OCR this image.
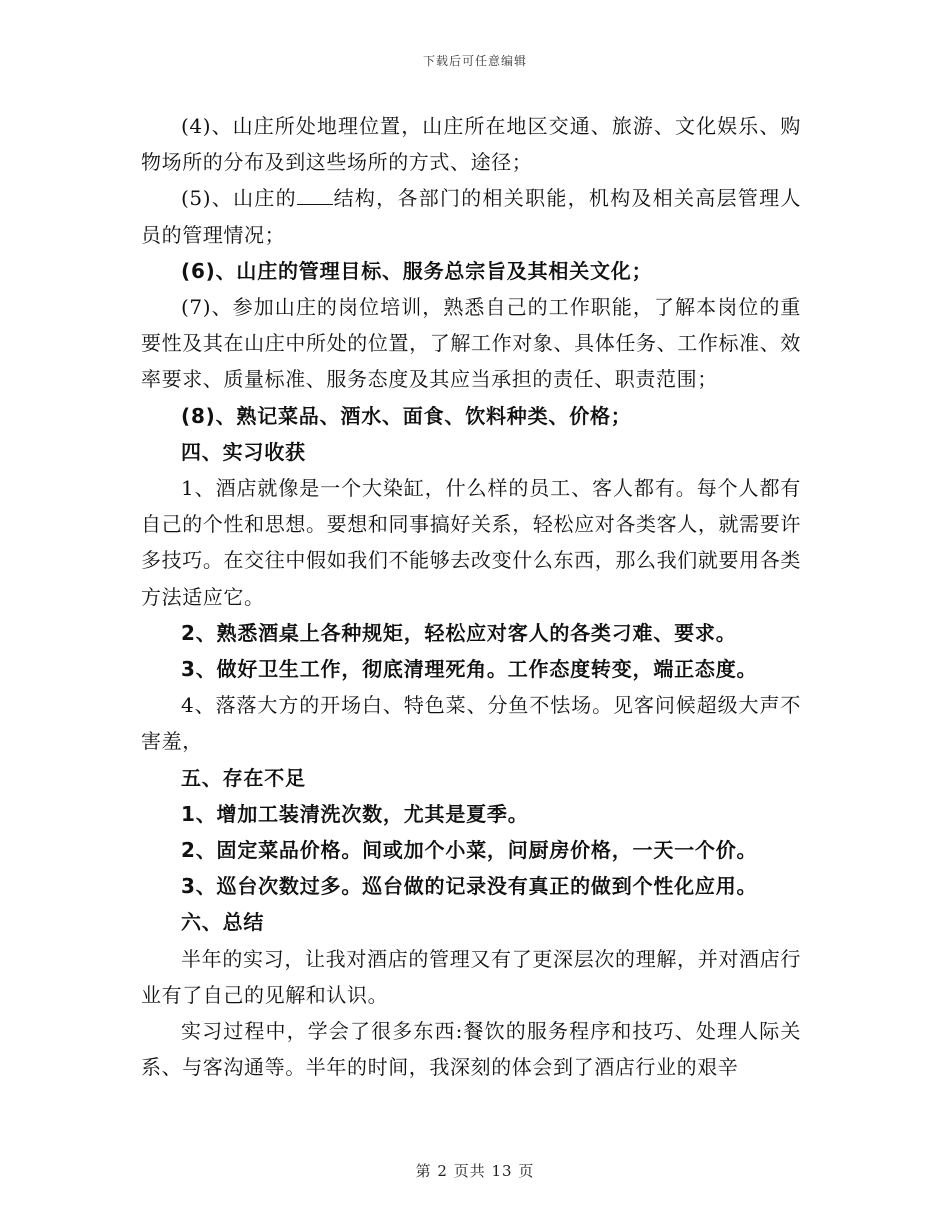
下载后可任意编辑

(4)、山庄所处地理位置，山庄所在地区交通、旅游、文化娱乐、购物场所的分布及到这些场所的方式、途径；

(5)、山庄的 结构，各部门的相关职能，机构及相关高层管理人员的管理情况；

(6)、山庄的管理目标、服务总宗旨及其相关文化；

(7)、参加山庄的岗位培训，熟悉自己的工作职能，了解本岗位的重要性及其在山庄中所处的位置，了解工作对象、具体任务、工作标准、效率要求、质量标准、服务态度及其应当承担的责任、职责范围；

(8)、熟记菜品、酒水、面食、饮料种类、价格；

四、实习收获

1、酒店就像是一个大染缸，什么样的员工、客人都有。每个人都有自己的个性和思想。要想和同事搞好关系，轻松应对各类客人，就需要许多技巧。在交往中假如我们不能够去改变什么东西，那么我们就要用各类方法适应它。

2、熟悉酒桌上各种规矩，轻松应对客人的各类刁难、要求。

3、做好卫生工作，彻底清理死角。工作态度转变，端正态度。

4、落落大方的开场白、特色菜、分鱼不怯场。见客问候超级大声不害羞，

五、存在不足

1、增加工装清洗次数，尤其是夏季。

2、固定菜品价格。间或加个小菜，问厨房价格，一天一个价。

3、巡台次数过多。巡台做的记录没有真正的做到个性化应用。

六、总结

半年的实习，让我对酒店的管理又有了更深层次的理解，并对酒店行业有了自己的见解和认识。

实习过程中，学会了很多东西:餐饮的服务程序和技巧、处理人际关系、与客沟通等。半年的时间，我深刻的体会到了酒店行业的艰辛

第 2 页共 13 页
